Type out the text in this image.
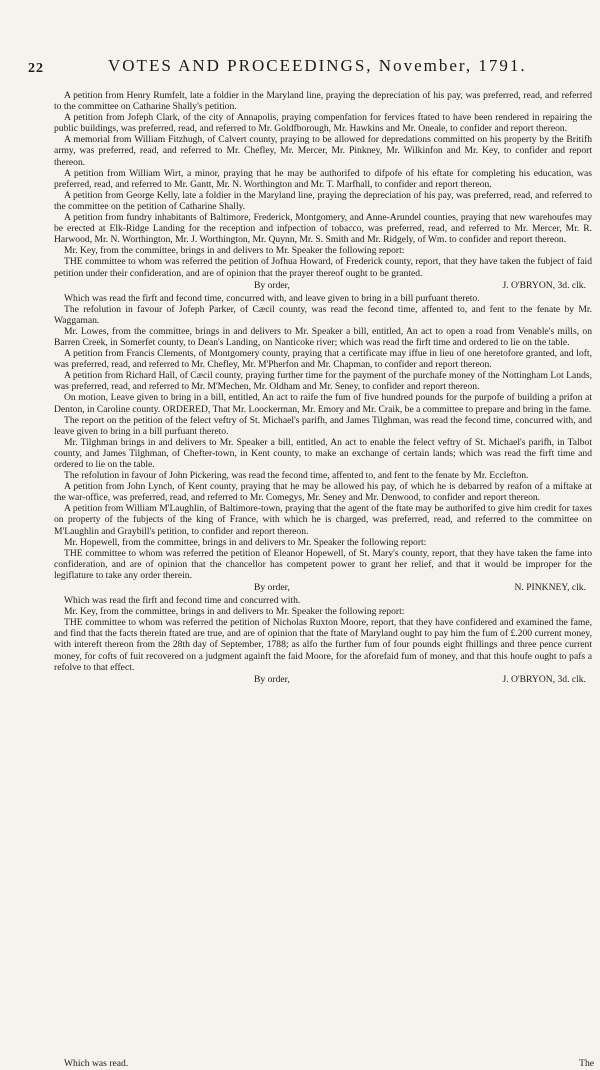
22	VOTES AND PROCEEDINGS, November, 1791.

A petition from Henry Rumfelt, late a foldier in the Maryland line, praying the depreciation of his pay, was preferred, read, and referred to the committee on Catharine Shally's petition.

A petition from Jofeph Clark, of the city of Annapolis, praying compenfation for fervices ftated to have been rendered in repairing the public buildings, was preferred, read, and referred to Mr. Goldfborough, Mr. Hawkins and Mr. Oneale, to confider and report thereon.

A memorial from William Fitzhugh, of Calvert county, praying to be allowed for depredations committed on his property by the Britifh army, was preferred, read, and referred to Mr. Chefley, Mr. Mercer, Mr. Pinkney, Mr. Wilkinfon and Mr. Key, to confider and report thereon.

A petition from William Wirt, a minor, praying that he may be authorifed to difpofe of his eftate for completing his education, was preferred, read, and referred to Mr. Gantt, Mr. N. Worthington and Mr. T. Marfhall, to confider and report thereon.

A petition from George Kelly, late a foldier in the Maryland line, praying the depreciation of his pay, was preferred, read, and referred to the committee on the petition of Catharine Shally.

A petition from fundry inhabitants of Baltimore, Frederick, Montgomery, and Anne-Arundel counties, praying that new warehoufes may be erected at Elk-Ridge Landing for the reception and infpection of tobacco, was preferred, read, and referred to Mr. Mercer, Mr. R. Harwood, Mr. N. Worthington, Mr. J. Worthington, Mr. Quynn, Mr. S. Smith and Mr. Ridgely, of Wm. to confider and report thereon.

Mr. Key, from the committee, brings in and delivers to Mr. Speaker the following report:

THE committee to whom was referred the petition of Jofhua Howard, of Frederick county, report, that they have taken the fubject of faid petition under their confideration, and are of opinion that the prayer thereof ought to be granted.

By order,	J. O'BRYON, 3d. clk.

Which was read the firft and fecond time, concurred with, and leave given to bring in a bill purfuant thereto.

The refolution in favour of Jofeph Parker, of Cæcil county, was read the fecond time, affented to, and fent to the fenate by Mr. Waggaman.

Mr. Lowes, from the committee, brings in and delivers to Mr. Speaker a bill, entitled, An act to open a road from Venable's mills, on Barren Creek, in Somerfet county, to Dean's Landing, on Nanticoke river; which was read the firft time and ordered to lie on the table.

A petition from Francis Clements, of Montgomery county, praying that a certificate may iffue in lieu of one heretofore granted, and loft, was preferred, read, and referred to Mr. Chefley, Mr. M'Pherfon and Mr. Chapman, to confider and report thereon.

A petition from Richard Hall, of Cæcil county, praying further time for the payment of the purchafe money of the Nottingham Lot Lands, was preferred, read, and referred to Mr. M'Mechen, Mr. Oldham and Mr. Seney, to confider and report thereon.

On motion, Leave given to bring in a bill, entitled, An act to raife the fum of five hundred pounds for the purpofe of building a prifon at Denton, in Caroline county. ORDERED, That Mr. Loockerman, Mr. Emory and Mr. Craik, be a committee to prepare and bring in the fame.

The report on the petition of the felect veftry of St. Michael's parifh, and James Tilghman, was read the fecond time, concurred with, and leave given to bring in a bill purfuant thereto.

Mr. Tilghman brings in and delivers to Mr. Speaker a bill, entitled, An act to enable the felect veftry of St. Michael's parifh, in Talbot county, and James Tilghman, of Chefter-town, in Kent county, to make an exchange of certain lands; which was read the firft time and ordered to lie on the table.

The refolution in favour of John Pickering, was read the fecond time, affented to, and fent to the fenate by Mr. Ecclefton.

A petition from John Lynch, of Kent county, praying that he may be allowed his pay, of which he is debarred by reafon of a miftake at the war-office, was preferred, read, and referred to Mr. Comegys, Mr. Seney and Mr. Denwood, to confider and report thereon.

A petition from William M'Laughlin, of Baltimore-town, praying that the agent of the ftate may be authorifed to give him credit for taxes on property of the fubjects of the king of France, with which he is charged, was preferred, read, and referred to the committee on M'Laughlin and Graybill's petition, to confider and report thereon.

Mr. Hopewell, from the committee, brings in and delivers to Mr. Speaker the following report:

THE committee to whom was referred the petition of Eleanor Hopewell, of St. Mary's county, report, that they have taken the fame into confideration, and are of opinion that the chancellor has competent power to grant her relief, and that it would be improper for the legiflature to take any order therein.

By order,	N. PINKNEY, clk.

Which was read the firft and fecond time and concurred with.

Mr. Key, from the committee, brings in and delivers to Mr. Speaker the following report:

THE committee to whom was referred the petition of Nicholas Ruxton Moore, report, that they have confidered and examined the fame, and find that the facts therein ftated are true, and are of opinion that the ftate of Maryland ought to pay him the fum of £.200 current money, with intereft thereon from the 28th day of September, 1788; as alfo the further fum of four pounds eight fhillings and three pence current money, for cofts of fuit recovered on a judgment againft the faid Moore, for the aforefaid fum of money, and that this houfe ought to pafs a refolve to that effect.

By order,	J. O'BRYON, 3d. clk.
Which was read.	The
